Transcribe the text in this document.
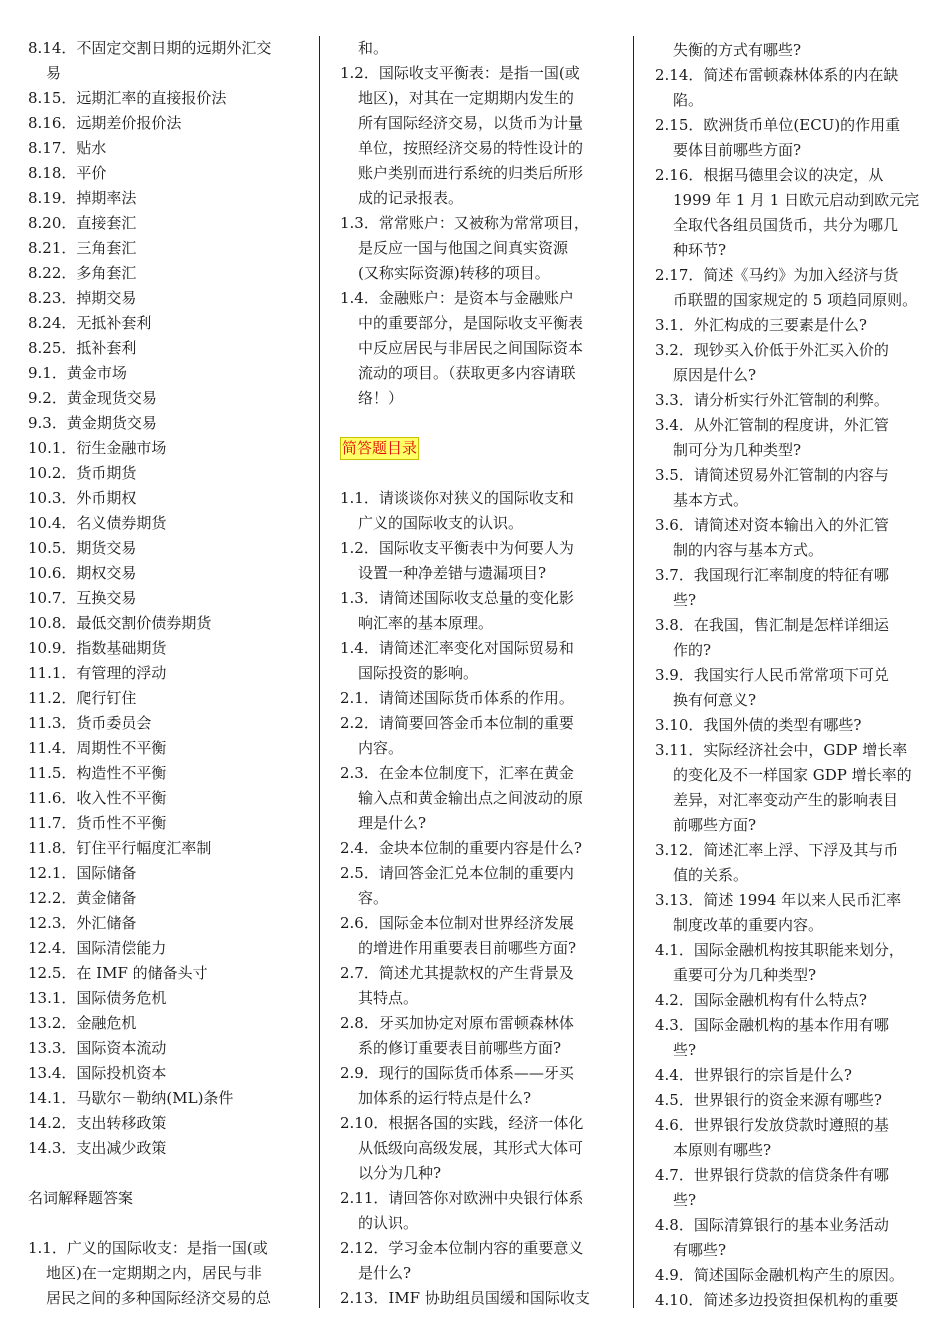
8.14．不固定交割日期的远期外汇交
易
8.15．远期汇率的直接报价法
8.16．远期差价报价法
8.17．贴水
8.18．平价
8.19．掉期率法
8.20．直接套汇
8.21．三角套汇
8.22．多角套汇
8.23．掉期交易
8.24．无抵补套利
8.25．抵补套利
9.1．黄金市场
9.2．黄金现货交易
9.3．黄金期货交易
10.1．衍生金融市场
10.2．货币期货
10.3．外币期权
10.4．名义债券期货
10.5．期货交易
10.6．期权交易
10.7．互换交易
10.8．最低交割价债券期货
10.9．指数基础期货
11.1．有管理的浮动
11.2．爬行钉住
11.3．货币委员会
11.4．周期性不平衡
11.5．构造性不平衡
11.6．收入性不平衡
11.7．货币性不平衡
11.8．钉住平行幅度汇率制
12.1．国际储备
12.2．黄金储备
12.3．外汇储备
12.4．国际清偿能力
12.5．在 IMF 的储备头寸
13.1．国际债务危机
13.2．金融危机
13.3．国际资本流动
13.4．国际投机资本
14.1．马歇尔－勒纳(ML)条件
14.2．支出转移政策
14.3．支出减少政策
名词解释题答案
1.1．广义的国际收支：是指一国(或
地区)在一定期期之内，居民与非
居民之间的多种国际经济交易的总
和。
1.2．国际收支平衡表：是指一国(或
地区)，对其在一定期期内发生的
所有国际经济交易，以货币为计量
单位，按照经济交易的特性设计的
账户类别而进行系统的归类后所形
成的记录报表。
1.3．常常账户：又被称为常常项目，
是反应一国与他国之间真实资源
(又称实际资源)转移的项目。
1.4．金融账户：是资本与金融账户
中的重要部分，是国际收支平衡表
中反应居民与非居民之间国际资本
流动的项目。（获取更多内容请联
络！）
简答题目录
1.1．请谈谈你对狭义的国际收支和
广义的国际收支的认识。
1.2．国际收支平衡表中为何要人为
设置一种净差错与遗漏项目?
1.3．请简述国际收支总量的变化影
响汇率的基本原理。
1.4．请简述汇率变化对国际贸易和
国际投资的影响。
2.1．请简述国际货币体系的作用。
2.2．请简要回答金币本位制的重要
内容。
2.3．在金本位制度下，汇率在黄金
输入点和黄金输出点之间波动的原
理是什么?
2.4．金块本位制的重要内容是什么?
2.5．请回答金汇兑本位制的重要内
容。
2.6．国际金本位制对世界经济发展
的增进作用重要表目前哪些方面?
2.7．简述尤其提款权的产生背景及
其特点。
2.8．牙买加协定对原布雷顿森林体
系的修订重要表目前哪些方面?
2.9．现行的国际货币体系——牙买
加体系的运行特点是什么?
2.10．根据各国的实践，经济一体化
从低级向高级发展，其形式大体可
以分为几种?
2.11．请回答你对欧洲中央银行体系
的认识。
2.12．学习金本位制内容的重要意义
是什么?
2.13．IMF 协助组员国缓和国际收支
失衡的方式有哪些?
2.14．简述布雷顿森林体系的内在缺
陷。
2.15．欧洲货币单位(ECU)的作用重
要体目前哪些方面?
2.16．根据马德里会议的决定，从
1999 年 1 月 1 日欧元启动到欧元完
全取代各组员国货币，共分为哪几
种环节?
2.17．简述《马约》为加入经济与货
币联盟的国家规定的 5 项趋同原则。
3.1．外汇构成的三要素是什么?
3.2．现钞买入价低于外汇买入价的
原因是什么?
3.3．请分析实行外汇管制的利弊。
3.4．从外汇管制的程度讲，外汇管
制可分为几种类型?
3.5．请简述贸易外汇管制的内容与
基本方式。
3.6．请简述对资本输出入的外汇管
制的内容与基本方式。
3.7．我国现行汇率制度的特征有哪
些?
3.8．在我国，售汇制是怎样详细运
作的?
3.9．我国实行人民币常常项下可兑
换有何意义?
3.10．我国外债的类型有哪些?
3.11．实际经济社会中，GDP 增长率
的变化及不一样国家 GDP 增长率的
差异，对汇率变动产生的影响表目
前哪些方面?
3.12．简述汇率上浮、下浮及其与币
值的关系。
3.13．简述 1994 年以来人民币汇率
制度改革的重要内容。
4.1．国际金融机构按其职能来划分，
重要可分为几种类型?
4.2．国际金融机构有什么特点?
4.3．国际金融机构的基本作用有哪
些?
4.4．世界银行的宗旨是什么?
4.5．世界银行的资金来源有哪些?
4.6．世界银行发放贷款时遵照的基
本原则有哪些?
4.7．世界银行贷款的信贷条件有哪
些?
4.8．国际清算银行的基本业务活动
有哪些?
4.9．简述国际金融机构产生的原因。
4.10．简述多边投资担保机构的重要
